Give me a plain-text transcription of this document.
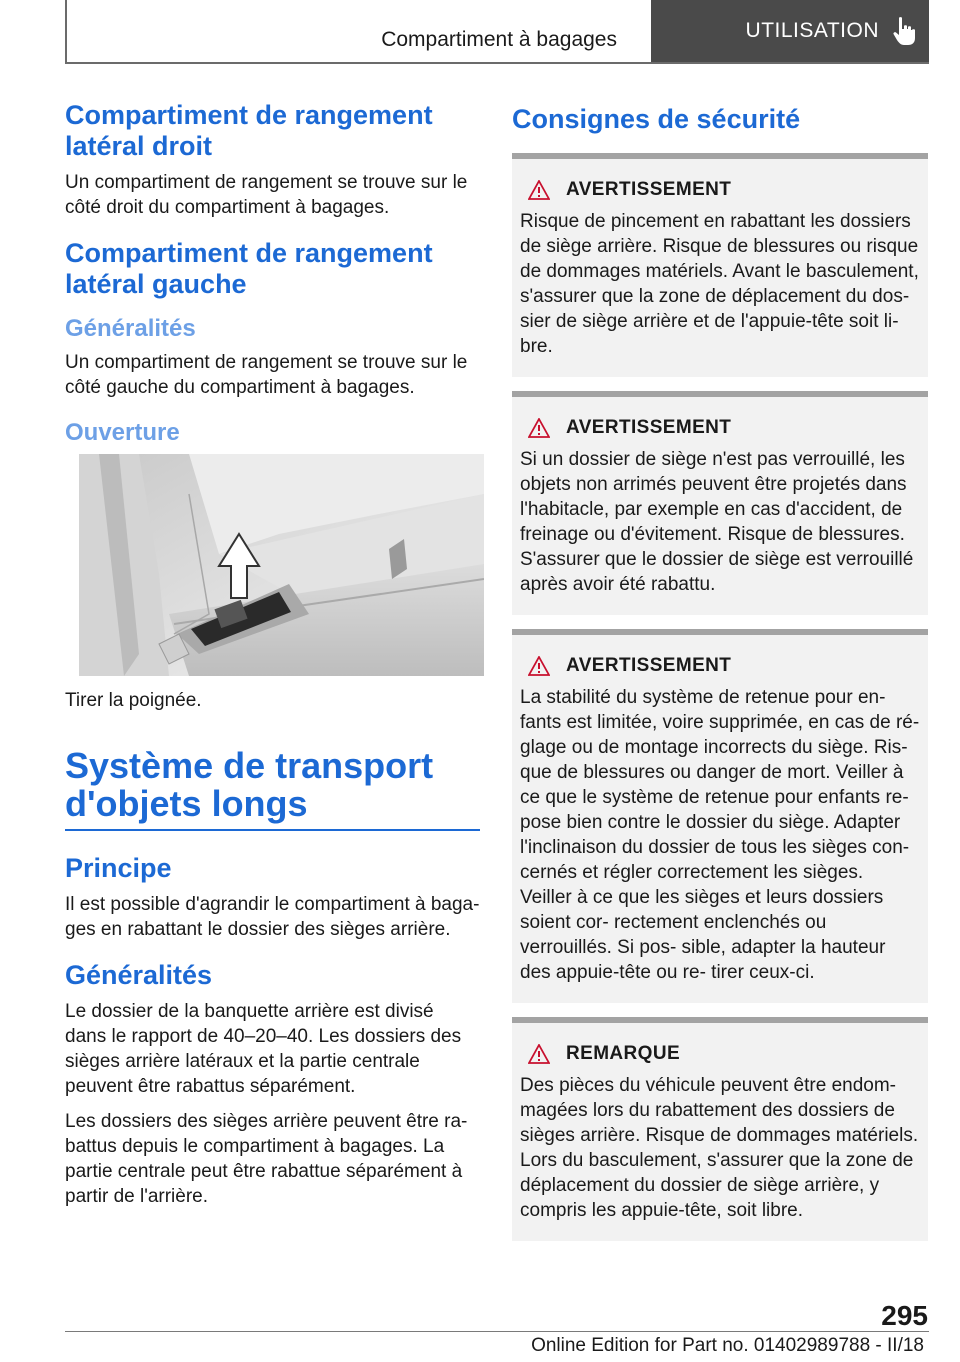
Compartiment à bagages	UTILISATION
Compartiment de rangement latéral droit

Un compartiment de rangement se trouve sur le côté droit du compartiment à bagages.

Compartiment de rangement latéral gauche
Généralités

Un compartiment de rangement se trouve sur le côté gauche du compartiment à bagages.

Ouverture

Tirer la poignée.

Système de transport d'objets longs
Principe

Il est possible d'agrandir le compartiment à baga- ges en rabattant le dossier des sièges arrière.

Généralités

Le dossier de la banquette arrière est divisé dans le rapport de 40–20–40. Les dossiers des sièges arrière latéraux et la partie centrale peuvent être rabattus séparément.

Les dossiers des sièges arrière peuvent être ra- battus depuis le compartiment à bagages. La partie centrale peut être rabattue séparément à partir de l'arrière.

Consignes de sécurité
AVERTISSEMENT

Risque de pincement en rabattant les dossiers de siège arrière. Risque de blessures ou risque de dommages matériels. Avant le basculement, s'assurer que la zone de déplacement du dos- sier de siège arrière et de l'appuie-tête soit li- bre.

AVERTISSEMENT

Si un dossier de siège n'est pas verrouillé, les objets non arrimés peuvent être projetés dans l'habitacle, par exemple en cas d'accident, de freinage ou d'évitement. Risque de blessures. S'assurer que le dossier de siège est verrouillé après avoir été rabattu.

AVERTISSEMENT

La stabilité du système de retenue pour en- fants est limitée, voire supprimée, en cas de ré- glage ou de montage incorrects du siège. Ris- que de blessures ou danger de mort. Veiller à ce que le système de retenue pour enfants re- pose bien contre le dossier du siège. Adapter l'inclinaison du dossier de tous les sièges con- cernés et régler correctement les sièges. Veiller à ce que les sièges et leurs dossiers soient cor- rectement enclenchés ou verrouillés. Si pos- sible, adapter la hauteur des appuie-tête ou re- tirer ceux-ci.

REMARQUE

Des pièces du véhicule peuvent être endom- magées lors du rabattement des dossiers de sièges arrière. Risque de dommages matériels. Lors du basculement, s'assurer que la zone de déplacement du dossier de siège arrière, y compris les appuie-tête, soit libre.

295
Online Edition for Part no. 01402989788 - II/18
